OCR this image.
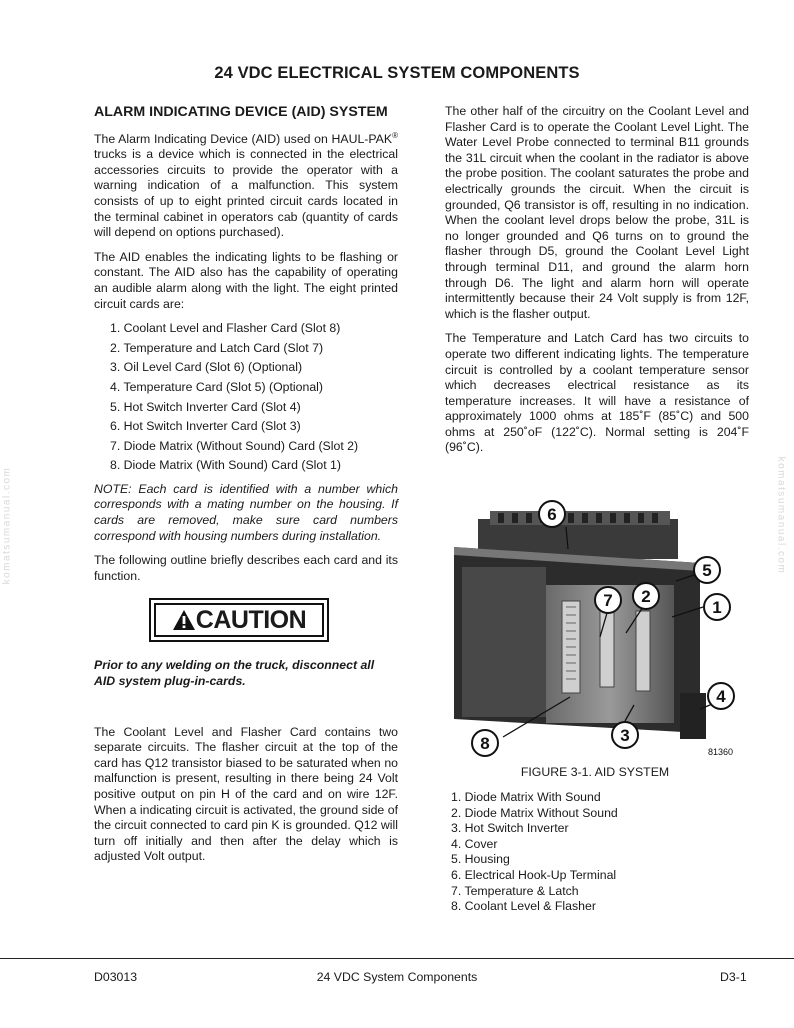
komatsumanual.com	komatsumanual.com
24 VDC ELECTRICAL SYSTEM COMPONENTS
ALARM INDICATING DEVICE (AID) SYSTEM

The Alarm Indicating Device (AID) used on HAUL-PAK® trucks is a device which is connected in the electrical accessories circuits to provide the operator with a warning indication of a malfunction. This system consists of up to eight printed circuit cards located in the terminal cabinet in operators cab (quantity of cards will depend on options purchased).

The AID enables the indicating lights to be flashing or constant. The AID also has the capability of operating an audible alarm along with the light. The eight printed circuit cards are:

1. Coolant Level and Flasher Card (Slot 8)
2. Temperature and Latch Card (Slot 7)
3. Oil Level Card (Slot 6) (Optional)
4. Temperature Card (Slot 5) (Optional)
5. Hot Switch Inverter Card (Slot 4)
6. Hot Switch Inverter Card (Slot 3)
7. Diode Matrix (Without Sound) Card (Slot 2)
8. Diode Matrix (With Sound) Card (Slot 1)
NOTE: Each card is identified with a number which corresponds with a mating number on the housing. If cards are removed, make sure card numbers correspond with housing numbers during installation.

The following outline briefly describes each card and its function.

CAUTION
Prior to any welding on the truck, disconnect all AID system plug-in-cards.

The Coolant Level and Flasher Card contains two separate circuits. The flasher circuit at the top of the card has Q12 transistor biased to be saturated when no malfunction is present, resulting in there being 24 Volt positive output on pin H of the card and on wire 12F. When a indicating circuit is activated, the ground side of the circuit connected to card pin K is grounded. Q12 will turn off initially and then after the delay which is adjusted Volt output.

The other half of the circuitry on the Coolant Level and Flasher Card is to operate the Coolant Level Light. The Water Level Probe connected to terminal B11 grounds the 31L circuit when the coolant in the radiator is above the probe position. The coolant saturates the probe and electrically grounds the circuit. When the circuit is grounded, Q6 transistor is off, resulting in no indication. When the coolant level drops below the probe, 31L is no longer grounded and Q6 turns on to ground the flasher through D5, ground the Coolant Level Light through terminal D11, and ground the alarm horn through D6. The light and alarm horn will operate intermittently because their 24 Volt supply is from 12F, which is the flasher output.

The Temperature and Latch Card has two circuits to operate two different indicating lights. The temperature circuit is controlled by a coolant temperature sensor which decreases electrical resistance as its temperature increases. It will have a resistance of approximately 1000 ohms at 185˚F (85˚C) and 500 ohms at 250˚oF (122˚C). Normal setting is 204˚F (96˚C).

6
5
1
2
7
4
3
8	81360
FIGURE 3-1. AID SYSTEM
1. Diode Matrix With Sound
2. Diode Matrix Without Sound
3. Hot Switch Inverter
4. Cover
5. Housing
6. Electrical Hook-Up Terminal
7. Temperature & Latch
8. Coolant Level & Flasher
D03013	24 VDC System Components	D3-1
